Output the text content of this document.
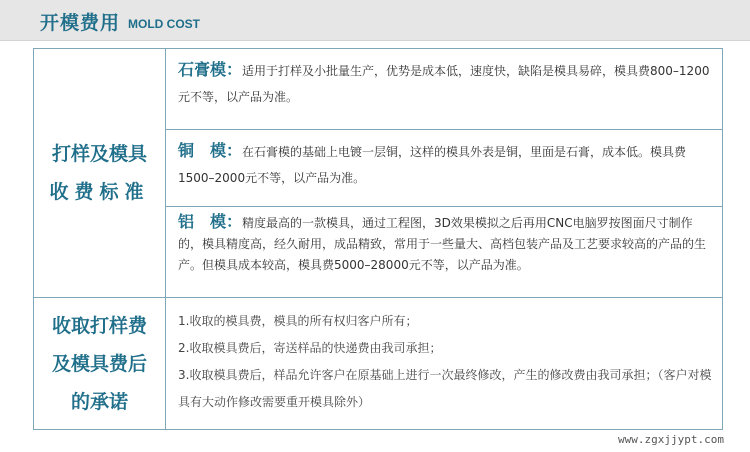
开模费用 MOLD COST
打样及模具
收费标准
石膏模：适用于打样及小批量生产，优势是成本低，速度快，缺陷是模具易碎，模具费800–1200元不等，以产品为准。
铜　模：在石膏模的基础上电镀一层铜，这样的模具外表是铜，里面是石膏，成本低。模具费1500–2000元不等，以产品为准。
铝　模：精度最高的一款模具，通过工程图，3D效果模拟之后再用CNC电脑罗按图面尺寸制作的，模具精度高，经久耐用，成品精致，常用于一些量大、高档包装产品及工艺要求较高的产品的生产。但模具成本较高，模具费5000–28000元不等，以产品为准。
收取打样费
及模具费后
的承诺
1.收取的模具费，模具的所有权归客户所有；
2.收取模具费后，寄送样品的快递费由我司承担；
3.收取模具费后，样品允许客户在原基础上进行一次最终修改，产生的修改费由我司承担；（客户对模具有大动作修改需要重开模具除外）
www.zgxjjypt.com
